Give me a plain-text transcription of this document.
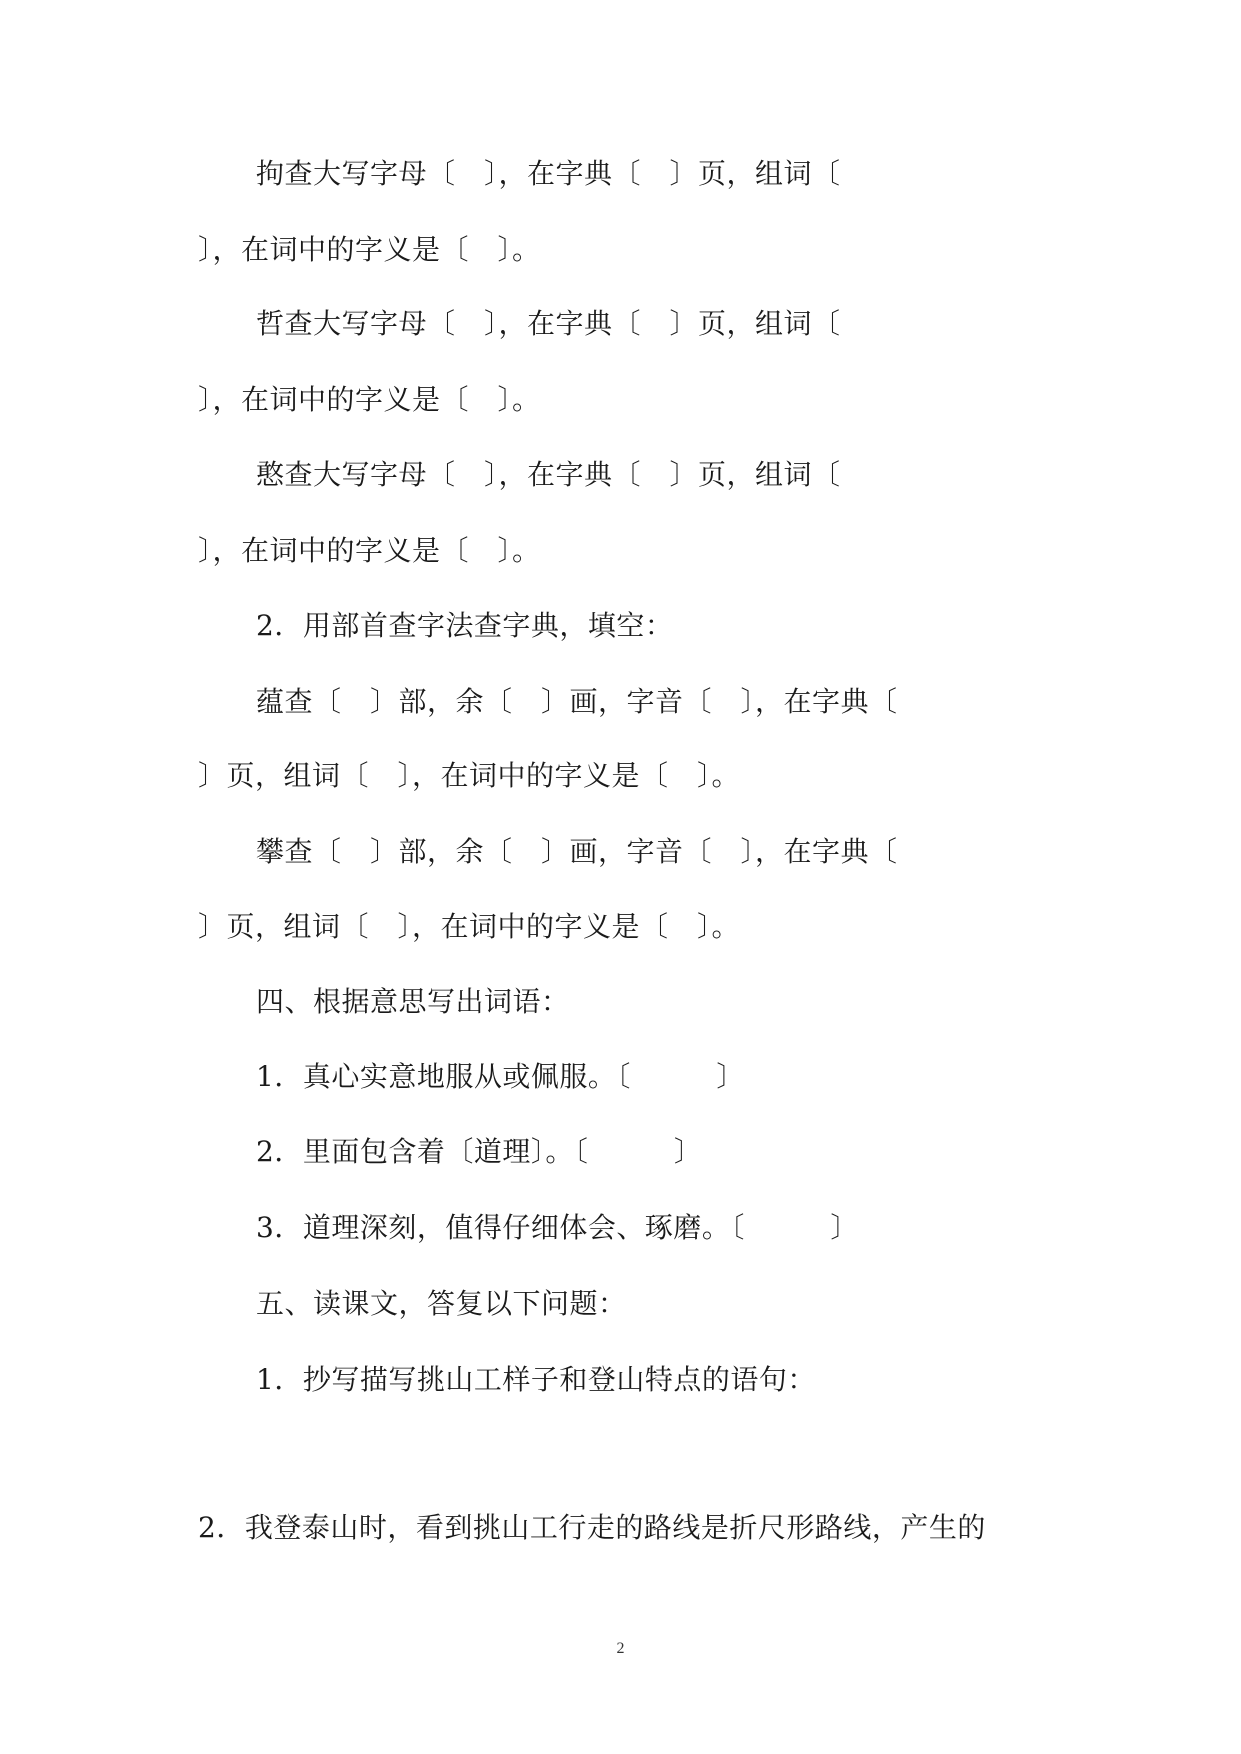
拘查大写字母〔　〕，在字典〔　〕页，组词〔
〕，在词中的字义是〔　〕。
哲查大写字母〔　〕，在字典〔　〕页，组词〔
〕，在词中的字义是〔　〕。
憨查大写字母〔　〕，在字典〔　〕页，组词〔
〕，在词中的字义是〔　〕。
2．用部首查字法查字典，填空：
蕴查〔　〕部，余〔　〕画，字音〔　〕，在字典〔
〕页，组词〔　〕，在词中的字义是〔　〕。
攀查〔　〕部，余〔　〕画，字音〔　〕，在字典〔
〕页，组词〔　〕，在词中的字义是〔　〕。
四、根据意思写出词语：
1．真心实意地服从或佩服。〔　　　〕
2．里面包含着〔道理〕。〔　　　〕
3．道理深刻，值得仔细体会、琢磨。〔　　　〕
五、读课文，答复以下问题：
1．抄写描写挑山工样子和登山特点的语句：
2．我登泰山时，看到挑山工行走的路线是折尺形路线，产生的
2
